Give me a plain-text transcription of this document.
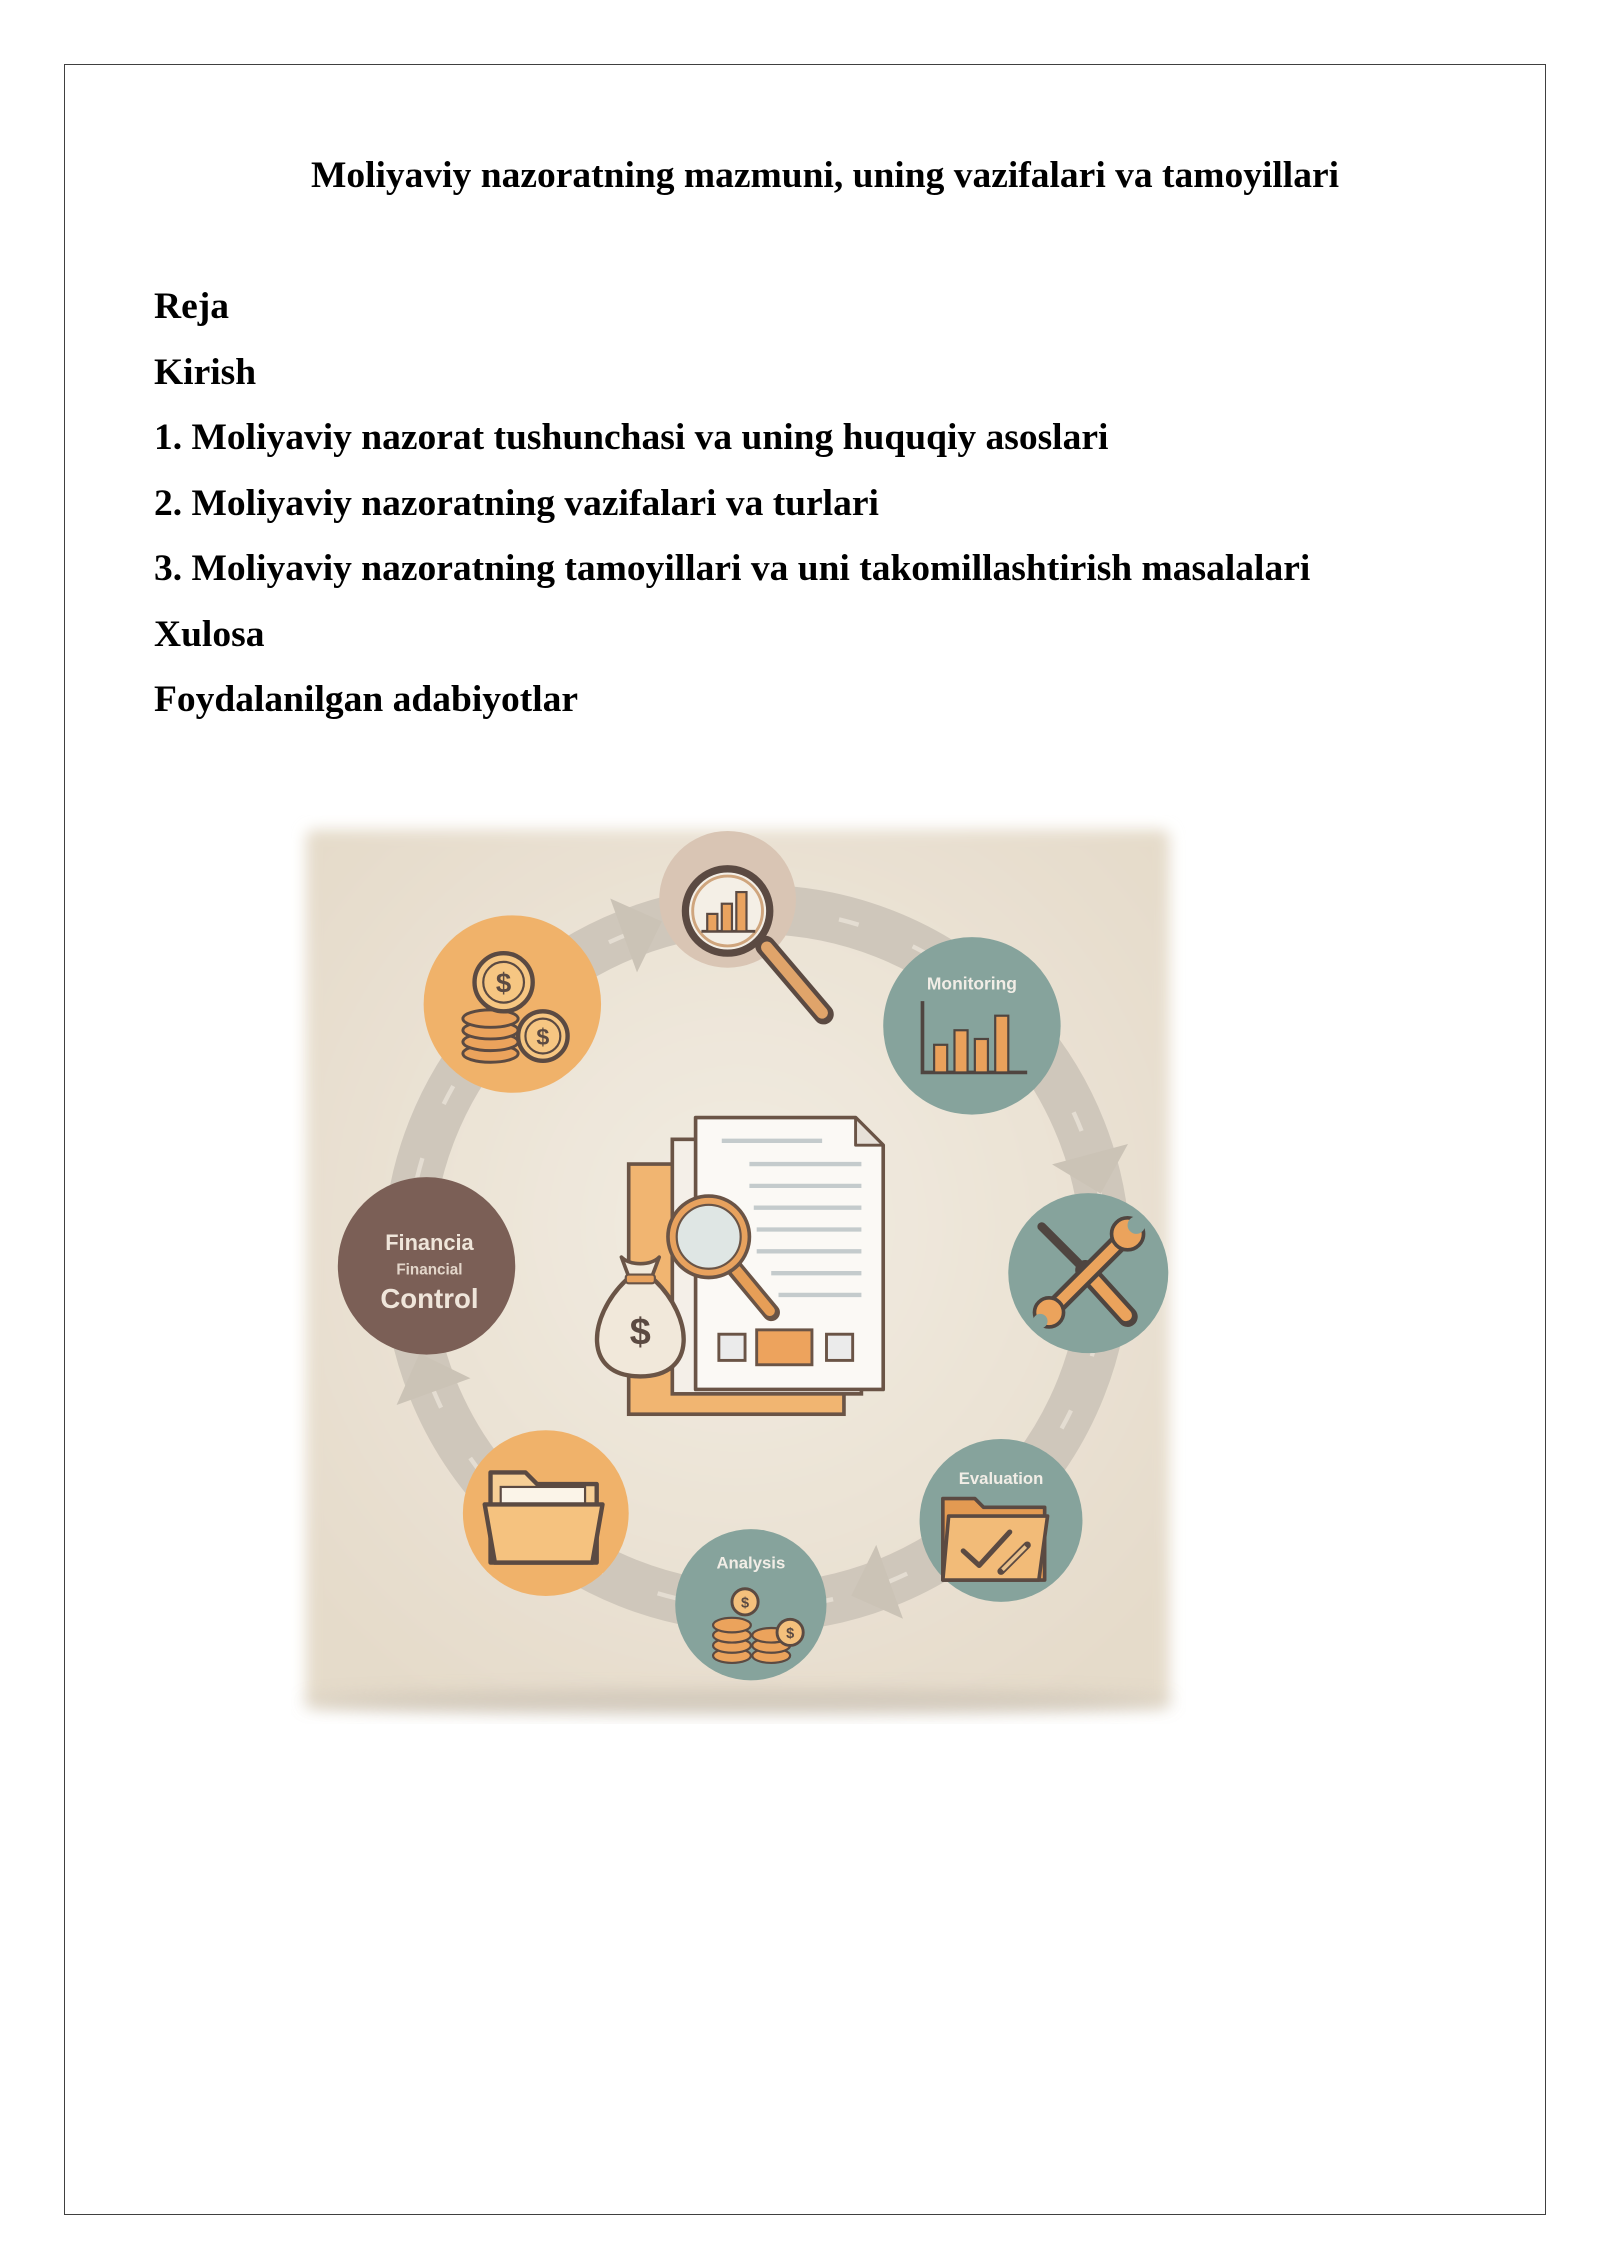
Moliyaviy nazoratning mazmuni, uning vazifalari va tamoyillari

Reja

Kirish

1. Moliyaviy nazorat tushunchasi va uning huquqiy asoslari

2. Moliyaviy nazoratning vazifalari va turlari

3. Moliyaviy nazoratning tamoyillari va uni takomillashtirish masalalari

Xulosa

Foydalanilgan adabiyotlar

Monitoring
Evaluation
Analysis
$
$
Financia
Financial
Control
$
$
$
